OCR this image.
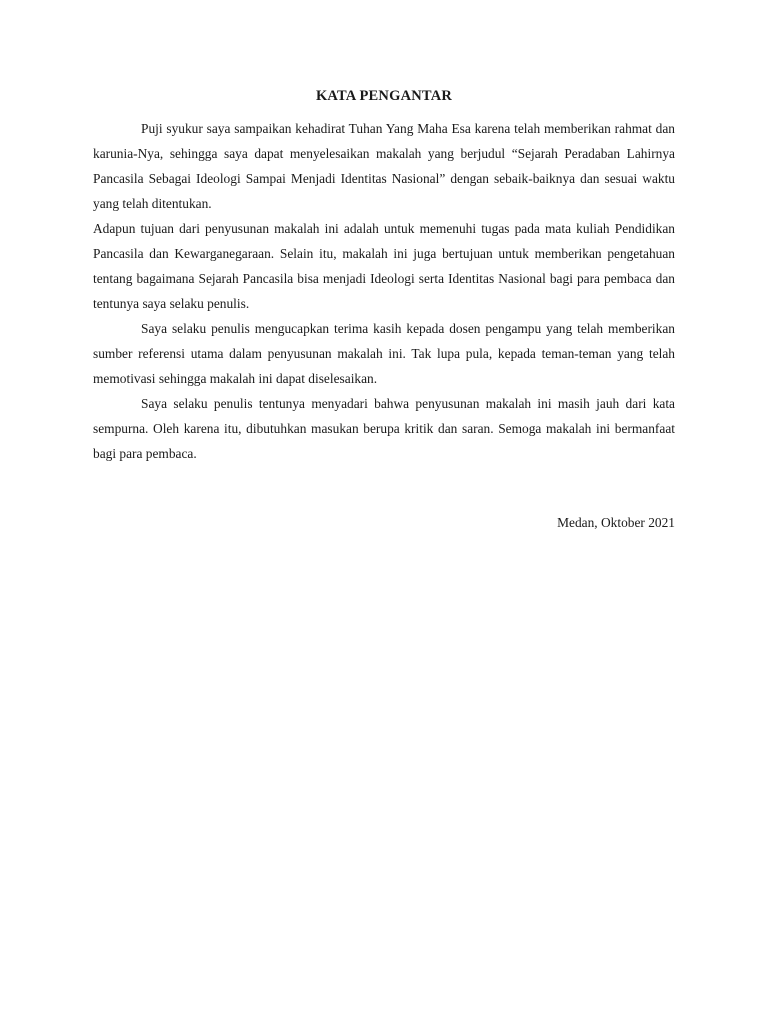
KATA PENGANTAR

Puji syukur saya sampaikan kehadirat Tuhan Yang Maha Esa karena telah memberikan rahmat dan karunia-Nya, sehingga saya dapat menyelesaikan makalah yang berjudul “Sejarah Peradaban Lahirnya Pancasila Sebagai Ideologi Sampai Menjadi Identitas Nasional” dengan sebaik-baiknya dan sesuai waktu yang telah ditentukan.

Adapun tujuan dari penyusunan makalah ini adalah untuk memenuhi tugas pada mata kuliah Pendidikan Pancasila dan Kewarganegaraan. Selain itu, makalah ini juga bertujuan untuk memberikan pengetahuan tentang bagaimana Sejarah Pancasila bisa menjadi Ideologi serta Identitas Nasional bagi para pembaca dan tentunya saya selaku penulis.

Saya selaku penulis mengucapkan terima kasih kepada dosen pengampu yang telah memberikan sumber referensi utama dalam penyusunan makalah ini. Tak lupa pula, kepada teman-teman yang telah memotivasi sehingga makalah ini dapat diselesaikan.

Saya selaku penulis tentunya menyadari bahwa penyusunan makalah ini masih jauh dari kata sempurna. Oleh karena itu, dibutuhkan masukan berupa kritik dan saran. Semoga makalah ini bermanfaat bagi para pembaca.

Medan, Oktober 2021
